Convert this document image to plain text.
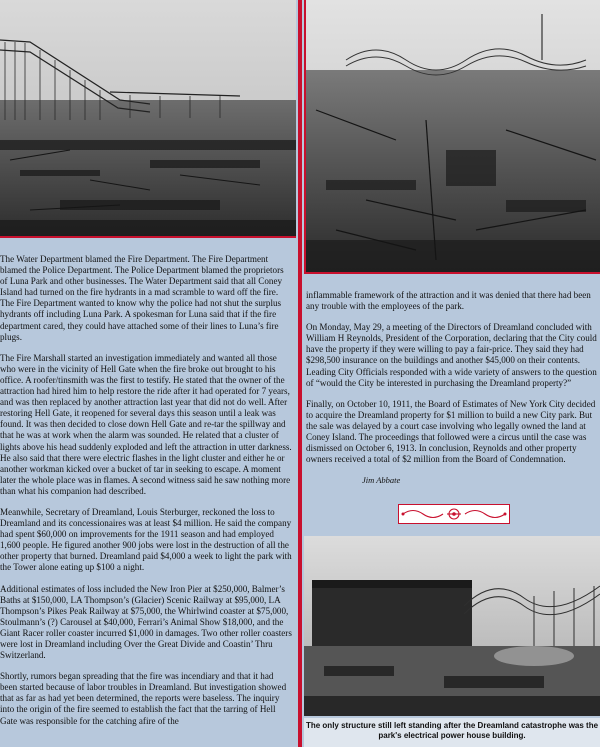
The Water Department blamed the Fire Department. The Fire Department blamed the Police Department. The Police Department blamed the proprietors of Luna Park and other businesses. The Water Department said that all Coney Island had turned on the fire hydrants in a mad scramble to ward off the fire. The Fire Department wanted to know why the police had not shut the surplus hydrants off including Luna Park. A spokesman for Luna said that if the fire department cared, they could have attached some of their lines to Luna’s fire plugs.

The Fire Marshall started an investigation immediately and wanted all those who were in the vicinity of Hell Gate when the fire broke out brought to his office. A roofer/tinsmith was the first to testify. He stated that the owner of the attraction had hired him to help restore the ride after it had operated for 7 years, and was then replaced by another attraction last year that did not do well. After restoring Hell Gate, it reopened for several days this season until a leak was found. It was then decided to close down Hell Gate and re-tar the spillway and that he was at work when the alarm was sounded. He related that a cluster of lights above his head suddenly exploded and left the attraction in utter darkness. He also said that there were electric flashes in the light cluster and either he or another workman kicked over a bucket of tar in seeking to escape. A moment later the whole place was in flames. A second witness said he saw nothing more than what his companion had described.

Meanwhile, Secretary of Dreamland, Louis Sterburger, reckoned the loss to Dreamland and its concessionaires was at least $4 million. He said the company had spent $60,000 on improvements for the 1911 season and had employed 1,600 people. He figured another 900 jobs were lost in the destruction of all the other property that burned. Dreamland paid $4,000 a week to light the park with the Tower alone eating up $100 a night.

Additional estimates of loss included the New Iron Pier at $250,000, Balmer’s Baths at $150,000, LA Thompson’s (Glacier) Scenic Railway at $95,000, LA Thompson’s Pikes Peak Railway at $75,000, the Whirlwind coaster at $75,000, Stoulmann’s (?) Carousel at $40,000, Ferrari’s Animal Show $18,000, and the Giant Racer roller coaster incurred $1,000 in damages. Two other roller coasters were lost in Dreamland including Over the Great Divide and Coastin’ Thru Switzerland.

Shortly, rumors began spreading that the fire was incendiary and that it had been started because of labor troubles in Dreamland. But investigation showed that as far as had yet been determined, the reports were baseless. The inquiry into the origin of the fire seemed to establish the fact that the tarring of Hell Gate was responsible for the catching afire of the

inflammable framework of the attraction and it was denied that there had been any trouble with the employees of the park.

On Monday, May 29, a meeting of the Directors of Dreamland concluded with William H Reynolds, President of the Corporation, declaring that the City could have the property if they were willing to pay a fair-price. They said they had $298,500 insurance on the buildings and another $45,000 on their contents. Leading City Officials responded with a wide variety of answers to the question of “would the City be interested in purchasing the Dreamland property?”

Finally, on October 10, 1911, the Board of Estimates of New York City decided to acquire the Dreamland property for $1 million to build a new City park. But the sale was delayed by a court case involving who legally owned the land at Coney Island. The proceedings that followed were a circus until the case was dismissed on October 6, 1913. In conclusion, Reynolds and other property owners received a total of $2 million from the Board of Condemnation.

Jim Abbate
The only structure still left standing after the Dreamland catastrophe was the park's electrical power house building.
